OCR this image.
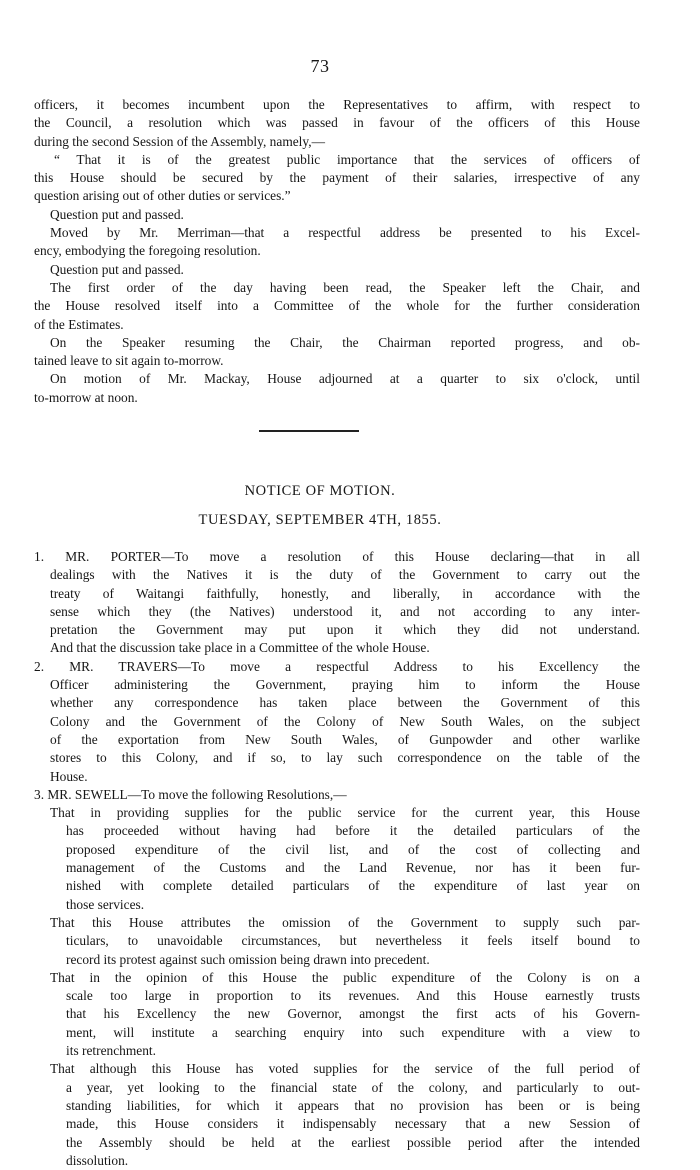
73
officers, it becomes incumbent upon the Representatives to affirm, with respect to
the Council, a resolution which was passed in favour of the officers of this House
during the second Session of the Assembly, namely,—
“ That it is of the greatest public importance that the services of officers of
this House should be secured by the payment of their salaries, irrespective of any
question arising out of other duties or services.”
Question put and passed.
Moved by Mr. Merriman—that a respectful address be presented to his Excel-
ency, embodying the foregoing resolution.
Question put and passed.
The first order of the day having been read, the Speaker left the Chair, and
the House resolved itself into a Committee of the whole for the further consideration
of the Estimates.
On the Speaker resuming the Chair, the Chairman reported progress, and ob-
tained leave to sit again to-morrow.
On motion of Mr. Mackay, House adjourned at a quarter to six o'clock, until
to-morrow at noon.
NOTICE OF MOTION.
TUESDAY, SEPTEMBER 4TH, 1855.
1. MR. PORTER—To move a resolution of this House declaring—that in all
dealings with the Natives it is the duty of the Government to carry out the
treaty of Waitangi faithfully, honestly, and liberally, in accordance with the
sense which they (the Natives) understood it, and not according to any inter-
pretation the Government may put upon it which they did not understand.
And that the discussion take place in a Committee of the whole House.
2. MR. TRAVERS—To move a respectful Address to his Excellency the
Officer administering the Government, praying him to inform the House
whether any correspondence has taken place between the Government of this
Colony and the Government of the Colony of New South Wales, on the subject
of the exportation from New South Wales, of Gunpowder and other warlike
stores to this Colony, and if so, to lay such correspondence on the table of the
House.
3. MR. SEWELL—To move the following Resolutions,—
That in providing supplies for the public service for the current year, this House
has proceeded without having had before it the detailed particulars of the
proposed expenditure of the civil list, and of the cost of collecting and
management of the Customs and the Land Revenue, nor has it been fur-
nished with complete detailed particulars of the expenditure of last year on
those services.
That this House attributes the omission of the Government to supply such par-
ticulars, to unavoidable circumstances, but nevertheless it feels itself bound to
record its protest against such omission being drawn into precedent.
That in the opinion of this House the public expenditure of the Colony is on a
scale too large in proportion to its revenues. And this House earnestly trusts
that his Excellency the new Governor, amongst the first acts of his Govern-
ment, will institute a searching enquiry into such expenditure with a view to
its retrenchment.
That although this House has voted supplies for the service of the full period of
a year, yet looking to the financial state of the colony, and particularly to out-
standing liabilities, for which it appears that no provision has been or is being
made, this House considers it indispensably necessary that a new Session of
the Assembly should be held at the earliest possible period after the intended
dissolution.
